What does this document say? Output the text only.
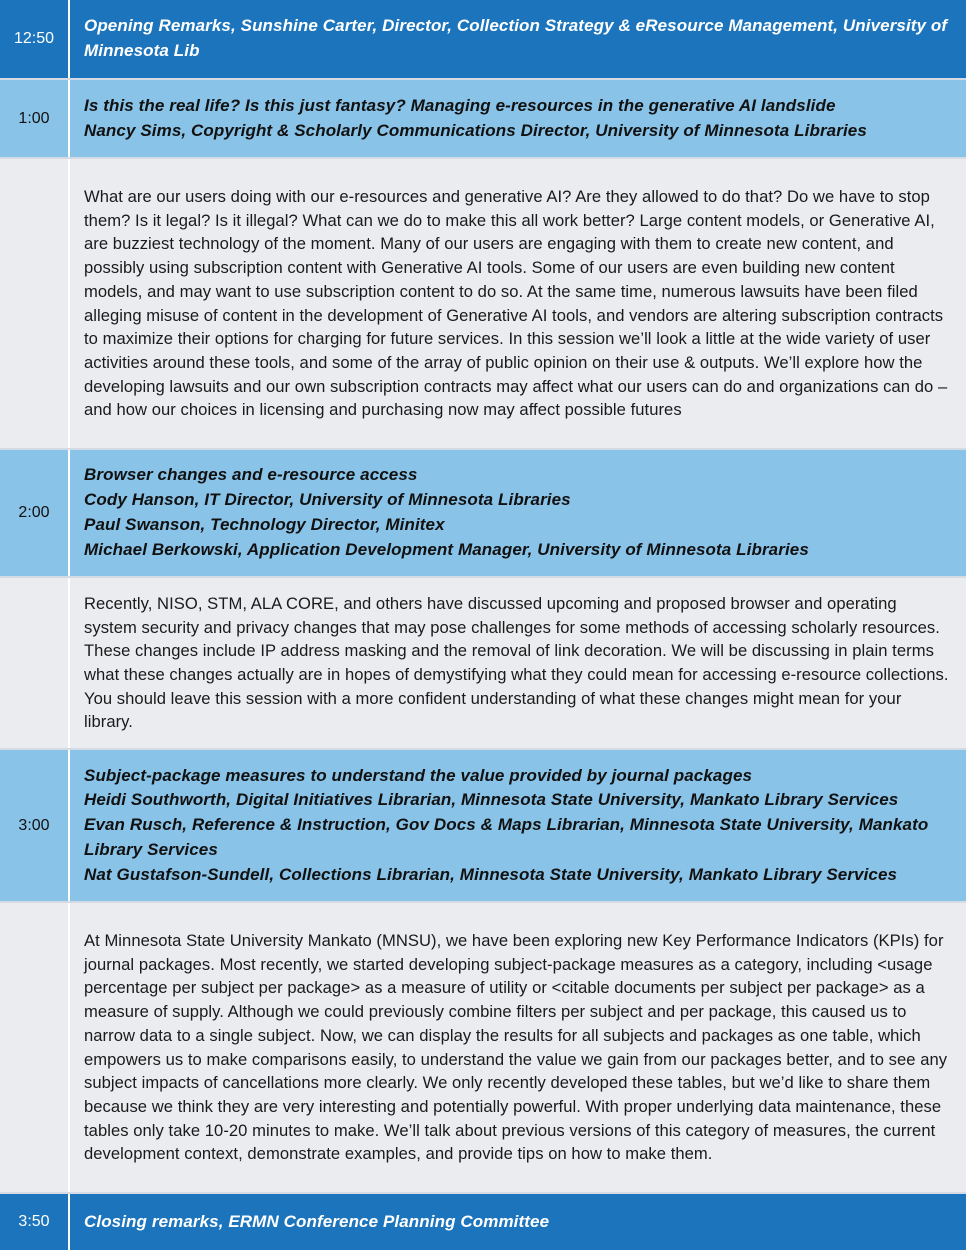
12:50
Opening Remarks, Sunshine Carter, Director, Collection Strategy & eResource Management, University of Minnesota Lib
1:00
Is this the real life? Is this just fantasy? Managing e-resources in the generative AI landslide
Nancy Sims, Copyright & Scholarly Communications Director, University of Minnesota Libraries
What are our users doing with our e-resources and generative AI? Are they allowed to do that? Do we have to stop them? Is it legal? Is it illegal? What can we do to make this all work better? Large content models, or Generative AI, are buzziest technology of the moment. Many of our users are engaging with them to create new content, and possibly using subscription content with Generative AI tools. Some of our users are even building new content models, and may want to use subscription content to do so. At the same time, numerous lawsuits have been filed alleging misuse of content in the development of Generative AI tools, and vendors are altering subscription contracts to maximize their options for charging for future services. In this session we’ll look a little at the wide variety of user activities around these tools, and some of the array of public opinion on their use & outputs. We’ll explore how the developing lawsuits and our own subscription contracts may affect what our users can do and organizations can do – and how our choices in licensing and purchasing now may affect possible futures
2:00
Browser changes and e-resource access
Cody Hanson, IT Director, University of Minnesota Libraries
Paul Swanson, Technology Director, Minitex
Michael Berkowski, Application Development Manager, University of Minnesota Libraries
Recently, NISO, STM, ALA CORE, and others have discussed upcoming and proposed browser and operating system security and privacy changes that may pose challenges for some methods of accessing scholarly resources. These changes include IP address masking and the removal of link decoration. We will be discussing in plain terms what these changes actually are in hopes of demystifying what they could mean for accessing e-resource collections. You should leave this session with a more confident understanding of what these changes might mean for your library.
3:00
Subject-package measures to understand the value provided by journal packages
Heidi Southworth, Digital Initiatives Librarian, Minnesota State University, Mankato Library Services
Evan Rusch, Reference & Instruction, Gov Docs & Maps Librarian, Minnesota State University, Mankato Library Services
Nat Gustafson-Sundell, Collections Librarian, Minnesota State University, Mankato Library Services
At Minnesota State University Mankato (MNSU), we have been exploring new Key Performance Indicators (KPIs) for journal packages. Most recently, we started developing subject-package measures as a category, including <usage percentage per subject per package> as a measure of utility or <citable documents per subject per package> as a measure of supply. Although we could previously combine filters per subject and per package, this caused us to narrow data to a single subject. Now, we can display the results for all subjects and packages as one table, which empowers us to make comparisons easily, to understand the value we gain from our packages better, and to see any subject impacts of cancellations more clearly. We only recently developed these tables, but we’d like to share them because we think they are very interesting and potentially powerful. With proper underlying data maintenance, these tables only take 10-20 minutes to make. We’ll talk about previous versions of this category of measures, the current development context, demonstrate examples, and provide tips on how to make them.
3:50	Closing remarks, ERMN Conference Planning Committee
